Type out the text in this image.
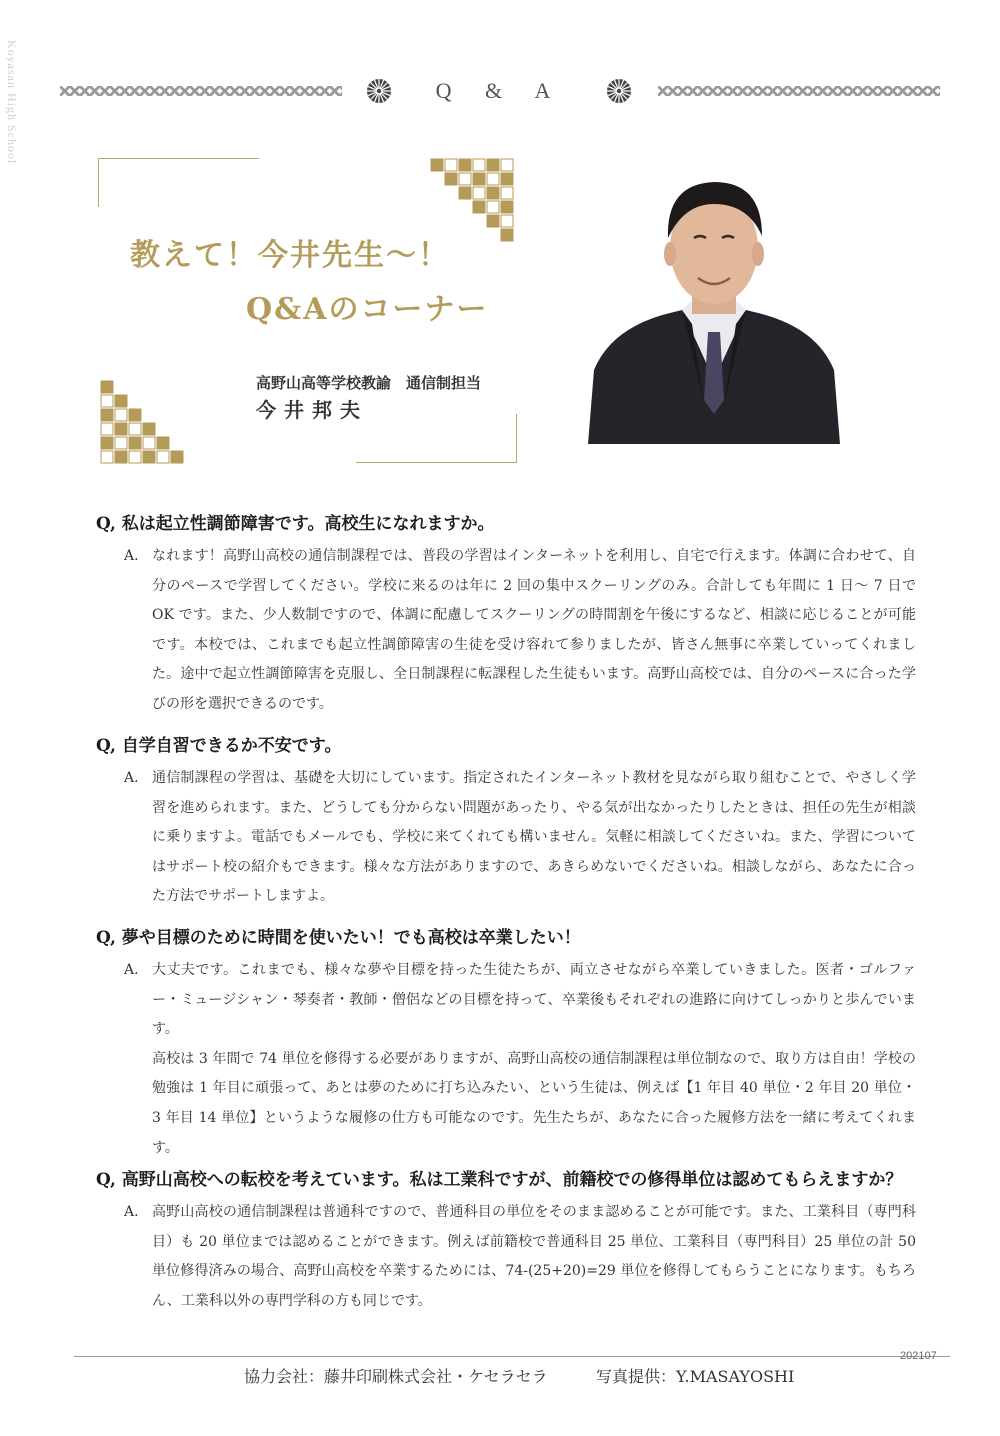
Koyasan High School	Q & A
教えて！今井先生～！
Q&Aのコーナー
高野山高等学校教諭　通信制担当
今井邦夫

Q, 私は起立性調節障害です。高校生になれますか。

A． なれます！高野山高校の通信制課程では、普段の学習はインターネットを利用し、自宅で行えます。体調に合わせて、自分のペースで学習してください。学校に来るのは年に 2 回の集中スクーリングのみ。合計しても年間に 1 日～ 7 日で OK です。また、少人数制ですので、体調に配慮してスクーリングの時間割を午後にするなど、相談に応じることが可能です。本校では、これまでも起立性調節障害の生徒を受け容れて参りましたが、皆さん無事に卒業していってくれました。途中で起立性調節障害を克服し、全日制課程に転課程した生徒もいます。高野山高校では、自分のペースに合った学びの形を選択できるのです。

Q, 自学自習できるか不安です。

A． 通信制課程の学習は、基礎を大切にしています。指定されたインターネット教材を見ながら取り組むことで、やさしく学習を進められます。また、どうしても分からない問題があったり、やる気が出なかったりしたときは、担任の先生が相談に乗りますよ。電話でもメールでも、学校に来てくれても構いません。気軽に相談してくださいね。また、学習についてはサポート校の紹介もできます。様々な方法がありますので、あきらめないでくださいね。相談しながら、あなたに合った方法でサポートしますよ。

Q, 夢や目標のために時間を使いたい！でも高校は卒業したい！

A． 大丈夫です。これまでも、様々な夢や目標を持った生徒たちが、両立させながら卒業していきました。医者・ゴルファー・ミュージシャン・琴奏者・教師・僧侶などの目標を持って、卒業後もそれぞれの進路に向けてしっかりと歩んでいます。

高校は 3 年間で 74 単位を修得する必要がありますが、高野山高校の通信制課程は単位制なので、取り方は自由！学校の勉強は 1 年目に頑張って、あとは夢のために打ち込みたい、という生徒は、例えば【1 年目 40 単位・2 年目 20 単位・3 年目 14 単位】というような履修の仕方も可能なのです。先生たちが、あなたに合った履修方法を一緒に考えてくれます。

Q, 高野山高校への転校を考えています。私は工業科ですが、前籍校での修得単位は認めてもらえますか？

A． 高野山高校の通信制課程は普通科ですので、普通科目の単位をそのまま認めることが可能です。また、工業科目（専門科目）も 20 単位までは認めることができます。例えば前籍校で普通科目 25 単位、工業科目（専門科目）25 単位の計 50 単位修得済みの場合、高野山高校を卒業するためには、74-(25+20)=29 単位を修得してもらうことになります。もちろん、工業科以外の専門学科の方も同じです。

202107
協力会社：藤井印刷株式会社・ケセラセラ	写真提供：Y.MASAYOSHI
